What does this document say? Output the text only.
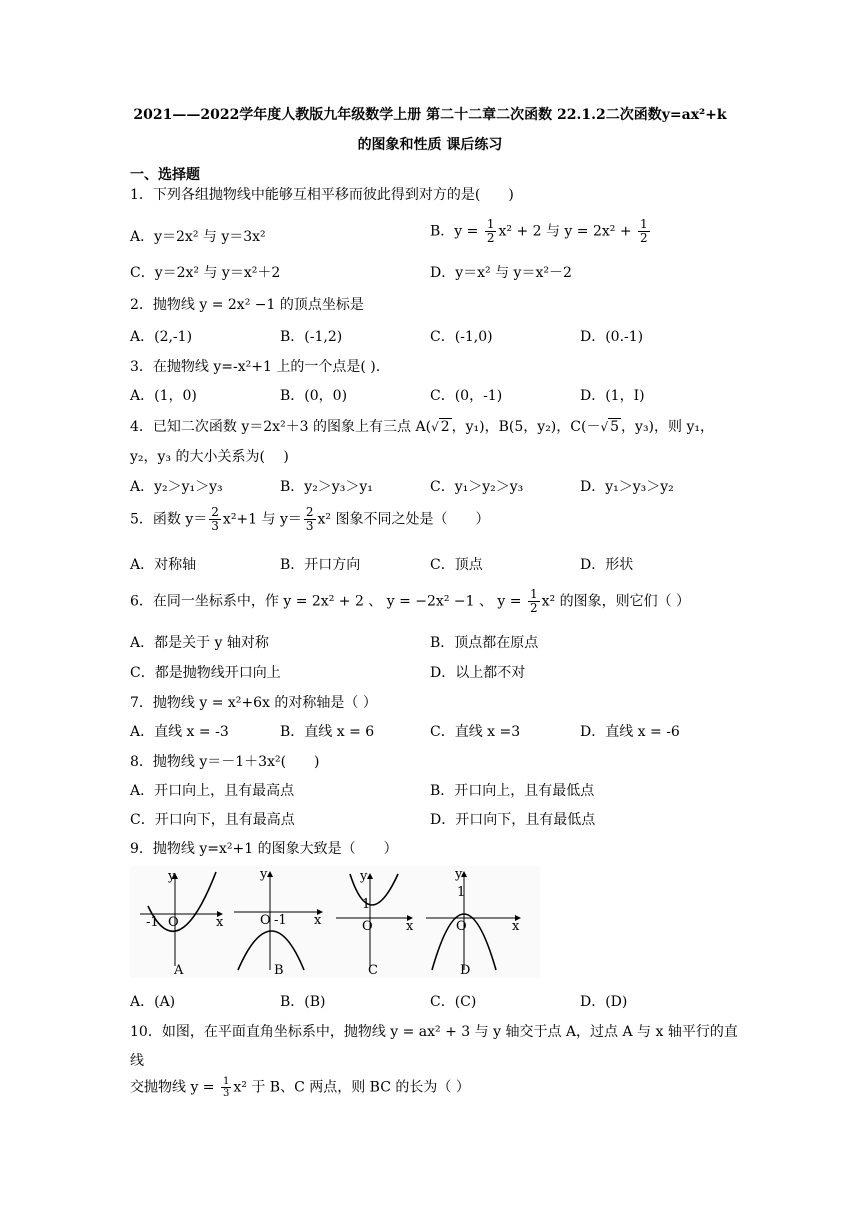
2021——2022学年度人教版九年级数学上册 第二十二章二次函数 22.1.2二次函数y=ax²+k
的图象和性质 课后练习
一、选择题
1．下列各组抛物线中能够互相平移而彼此得到对方的是(　　)
A．y＝2x² 与 y＝3x²	B．$y = \frac{1}{2} x^2 + 2$ 与 $y = 2x^2 + \frac{1}{2}$
C．y＝2x² 与 y＝x²＋2	D．y＝x² 与 y＝x²－2
2．抛物线 y = 2x² −1 的顶点坐标是
A．(2,-1)	B．(-1,2)	C．(-1,0)	D．(0.-1)
3．在抛物线 y=-x²+1 上的一个点是( ).
A．(1，0)	B．(0，0)	C．(0，-1)	D．(1，I)
4．已知二次函数 y＝2x²＋3 的图象上有三点 A(√ 2 ，y₁)，B(5，y₂)，C(－√ 5 ，y₃)，则 y₁，
y₂，y₃ 的大小关系为(　 )
A．y₂＞y₁＞y₃	B．y₂＞y₃＞y₁	C．y₁＞y₂＞y₃	D．y₁＞y₃＞y₂
5．函数 $y= \frac{2}{3} x^2+1$ 与 $y= \frac{2}{3} x^2$ 图象不同之处是（　　）
A．对称轴	B．开口方向	C．顶点	D．形状
6．在同一坐标系中，作 y = 2x² + 2 、 y = −2x² −1 、 $y = \frac{1}{2} x^2$ 的图象，则它们（ ）
A．都是关于 y 轴对称	B．顶点都在原点
C．都是抛物线开口向上	D．以上都不对
7．抛物线 y = x²+6x 的对称轴是（ ）
A．直线 x = -3	B．直线 x = 6	C．直线 x =3	D．直线 x = -6
8．抛物线 y＝－1＋3x²(　　)
A．开口向上，且有最高点	B．开口向上，且有最低点
C．开口向下，且有最高点	D．开口向下，且有最低点
9．抛物线 y=x²+1 的图象大致是（　　）
y
x
O
-1
A
y
x
O -1
B
y
x
O
1
C
y
x
O
1
D
A．(A)	B．(B)	C．(C)	D．(D)
10．如图，在平面直角坐标系中，抛物线 y = ax² + 3 与 y 轴交于点 A，过点 A 与 x 轴平行的直
线
交抛物线 $y = \frac{1}{3} x^2$ 于 B、C 两点，则 BC 的长为（ ）
